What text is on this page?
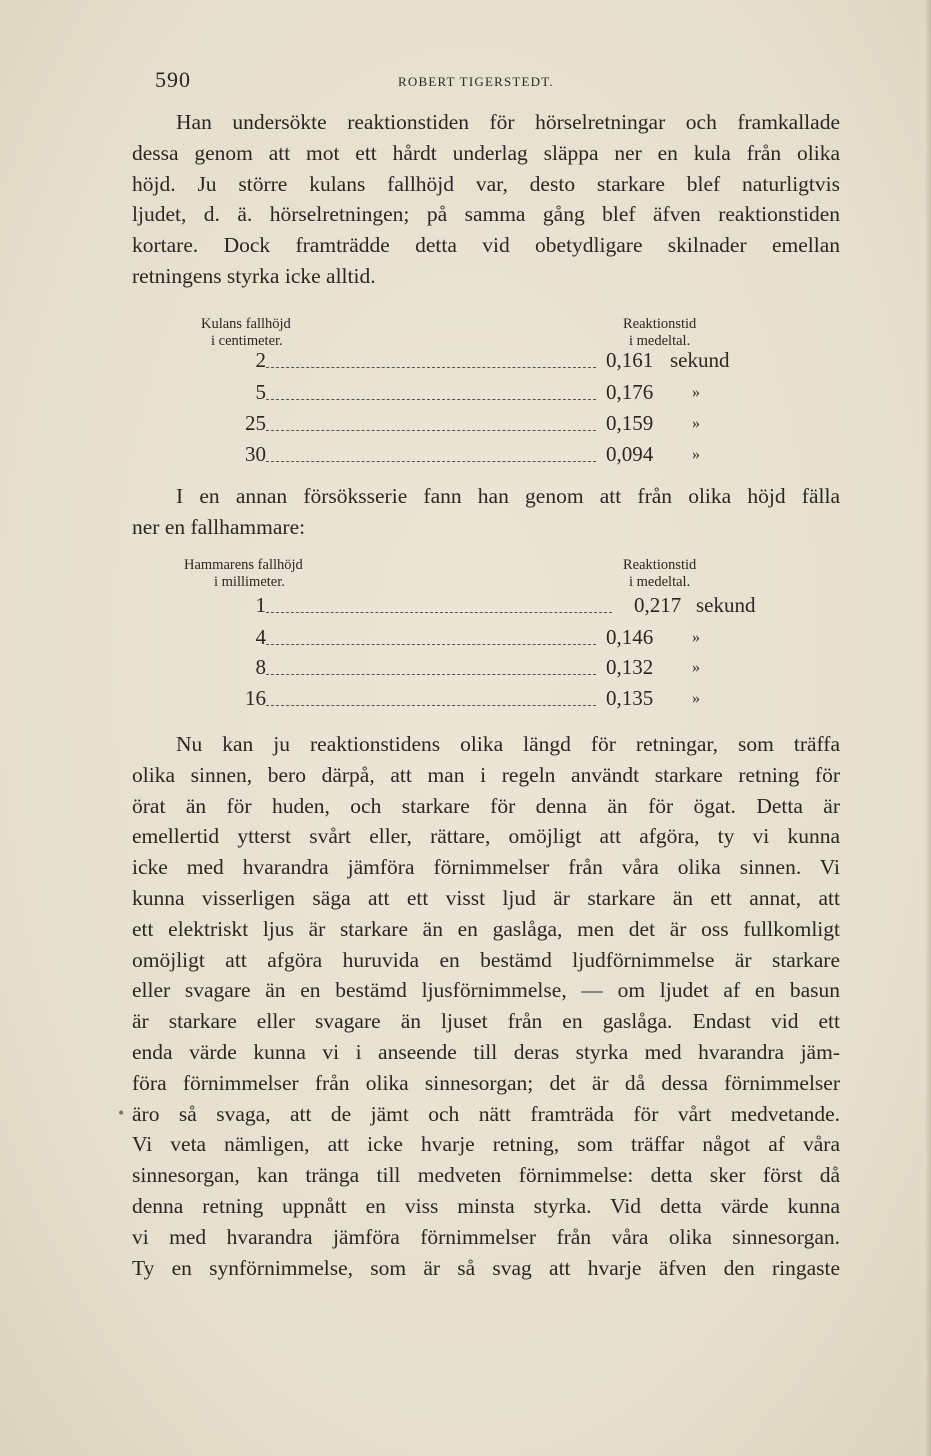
590	ROBERT TIGERSTEDT.
Han undersökte reaktionstiden för hörselretningar och framkallade
dessa genom att mot ett hårdt underlag släppa ner en kula från olika
höjd. Ju större kulans fallhöjd var, desto starkare blef naturligtvis
ljudet, d. ä. hörselretningen; på samma gång blef äfven reaktionstiden
kortare. Dock framträdde detta vid obetydligare skilnader emellan
retningens styrka icke alltid.
Kulans fallhöjd
i centimeter.
Reaktionstid
i medeltal.
2	0,161 sekund
5	0,176 »
25	0,159 »
30	0,094 »
I en annan försöksserie fann han genom att från olika höjd fälla
ner en fallhammare:
Hammarens fallhöjd
i millimeter.
Reaktionstid
i medeltal.
1	0,217 sekund
4	0,146 »
8	0,132 »
16	0,135 »
Nu kan ju reaktionstidens olika längd för retningar, som träffa
olika sinnen, bero därpå, att man i regeln användt starkare retning för
örat än för huden, och starkare för denna än för ögat. Detta är
emellertid ytterst svårt eller, rättare, omöjligt att afgöra, ty vi kunna
icke med hvarandra jämföra förnimmelser från våra olika sinnen. Vi
kunna visserligen säga att ett visst ljud är starkare än ett annat, att
ett elektriskt ljus är starkare än en gaslåga, men det är oss fullkomligt
omöjligt att afgöra huruvida en bestämd ljudförnimmelse är starkare
eller svagare än en bestämd ljusförnimmelse, — om ljudet af en basun
är starkare eller svagare än ljuset från en gaslåga. Endast vid ett
enda värde kunna vi i anseende till deras styrka med hvarandra jäm-
föra förnimmelser från olika sinnesorgan; det är då dessa förnimmelser
äro så svaga, att de jämt och nätt framträda för vårt medvetande.
Vi veta nämligen, att icke hvarje retning, som träffar något af våra
sinnesorgan, kan tränga till medveten förnimmelse: detta sker först då
denna retning uppnått en viss minsta styrka. Vid detta värde kunna
vi med hvarandra jämföra förnimmelser från våra olika sinnesorgan.
Ty en synförnimmelse, som är så svag att hvarje äfven den ringaste
•
